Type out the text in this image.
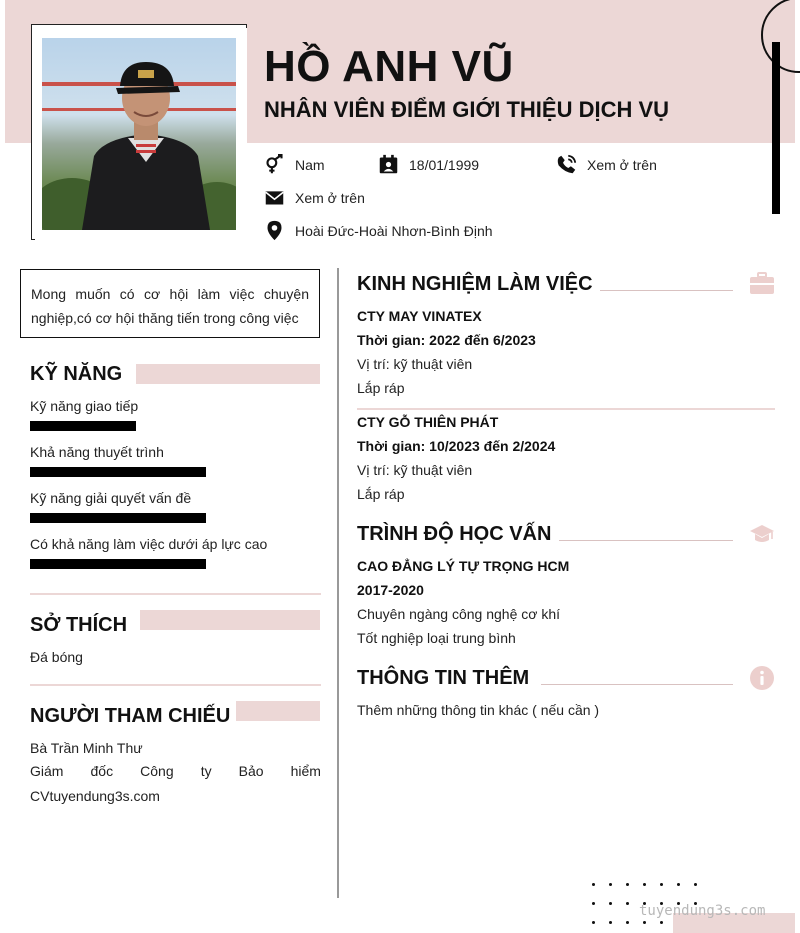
HỒ ANH VŨ
NHÂN VIÊN ĐIỂM GIỚI THIỆU DỊCH VỤ
Nam	18/01/1999	Xem ở trên
Xem ở trên
Hoài Đức-Hoài Nhơn-Bình Định
Mong muốn có cơ hội làm việc chuyện nghiệp,có cơ hội thăng tiến trong công việc
KỸ NĂNG
Kỹ năng giao tiếp
Khả năng thuyết trình
Kỹ năng giải quyết vấn đề
Có khả năng làm việc dưới áp lực cao
SỞ THÍCH
Đá bóng
NGƯỜI THAM CHIẾU
Bà Trần Minh Thư
Giám đốc Công ty Bảo hiểm
CVtuyendung3s.com
KINH NGHIỆM LÀM VIỆC
CTY MAY VINATEX
Thời gian: 2022 đến 6/2023
Vị trí: kỹ thuật viên
Lắp ráp
CTY GỖ THIÊN PHÁT
Thời gian: 10/2023 đến 2/2024
Vị trí: kỹ thuật viên
Lắp ráp
TRÌNH ĐỘ HỌC VẤN
CAO ĐẲNG LÝ TỰ TRỌNG HCM
2017-2020
Chuyên ngàng công nghệ cơ khí
Tốt nghiệp loại trung bình
THÔNG TIN THÊM
Thêm những thông tin khác ( nếu cần )
tuyendung3s.com
